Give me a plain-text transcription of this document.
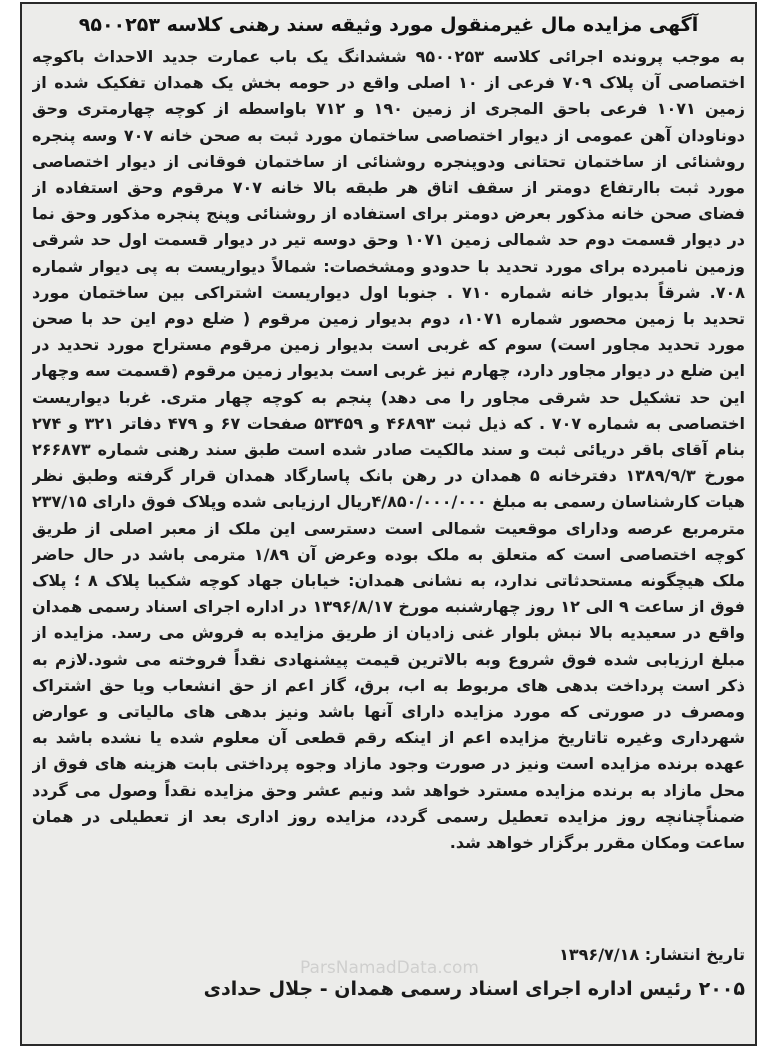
آگهی مزایده مال غیرمنقول مورد وثیقه سند رهنی کلاسه ۹۵۰۰۲۵۳

به موجب پرونده اجرائی کلاسه ۹۵۰۰۲۵۳ ششدانگ یک باب عمارت جدید الاحداث باکوچه اختصاصی آن پلاک ۷۰۹ فرعی از ۱۰ اصلی واقع در حومه بخش یک همدان تفکیک شده از زمین ۱۰۷۱ فرعی باحق المجری از زمین ۱۹۰ و ۷۱۲ باواسطه از کوچه چهارمتری وحق دوناودان آهن عمومی از دیوار اختصاصی ساختمان مورد ثبت به صحن خانه ۷۰۷ وسه پنجره روشنائی از ساختمان تحتانی ودوپنجره روشنائی از ساختمان فوقانی از دیوار اختصاصی مورد ثبت باارتفاع دومتر از سقف اتاق هر طبقه بالا خانه ۷۰۷ مرقوم وحق استفاده از فضای صحن خانه مذکور بعرض دومتر برای استفاده از روشنائی وپنج پنجره مذکور وحق نما در دیوار قسمت دوم حد شمالی زمین ۱۰۷۱ وحق دوسه تیر در دیوار قسمت اول حد شرقی وزمین نامبرده برای مورد تحدید با حدودو ومشخصات: شمالاً دیواریست به پی دیوار شماره ۷۰۸. شرقاً بدیوار خانه شماره ۷۱۰ . جنوبا اول دیواریست اشتراکی بین ساختمان مورد تحدید با زمین محصور شماره ۱۰۷۱، دوم بدیوار زمین مرقوم ( ضلع دوم این حد با صحن مورد تحدید مجاور است) سوم که غربی است بدیوار زمین مرقوم مستراح مورد تحدید در این ضلع در دیوار مجاور دارد، چهارم نیز غربی است بدیوار زمین مرقوم (قسمت سه وچهار این حد تشکیل حد شرقی مجاور را می دهد) پنجم به کوچه چهار متری. غربا دیواریست اختصاصی به شماره ۷۰۷ . که ذیل ثبت ۴۶۸۹۳ و ۵۳۴۵۹ صفحات ۶۷ و ۴۷۹ دفاتر ۳۲۱ و ۲۷۴ بنام آقای باقر دریائی ثبت و سند مالکیت صادر شده است طبق سند رهنی شماره ۲۶۶۸۷۳ مورخ ۱۳۸۹/۹/۳ دفترخانه ۵ همدان در رهن بانک پاسارگاد همدان قرار گرفته وطبق نظر هیات کارشناسان رسمی به مبلغ ۴/۸۵۰/۰۰۰/۰۰۰ریال ارزیابی شده وپلاک فوق دارای ۲۳۷/۱۵ مترمربع عرصه ودارای موقعیت شمالی است دسترسی این ملک از معبر اصلی از طریق کوچه اختصاصی است که متعلق به ملک بوده وعرض آن ۱/۸۹ مترمی باشد در حال حاضر ملک هیچگونه مستحدثاتی ندارد، به نشانی همدان: خیابان جهاد کوچه شکیبا پلاک ۸ ؛ پلاک فوق از ساعت ۹ الی ۱۲ روز چهارشنبه مورخ ۱۳۹۶/۸/۱۷ در اداره اجرای اسناد رسمی همدان واقع در سعیدیه بالا نبش بلوار غنی زادیان از طریق مزایده به فروش می رسد. مزایده از مبلغ ارزیابی شده فوق شروع وبه بالاترین قیمت پیشنهادی نقداً فروخته می شود.لازم به ذکر است پرداخت بدهی های مربوط به اب، برق، گاز اعم از حق انشعاب ویا حق اشتراک ومصرف در صورتی که مورد مزایده دارای آنها باشد ونیز بدهی های مالیاتی و عوارض شهرداری وغیره تاتاریخ مزایده اعم از اینکه رقم قطعی آن معلوم شده یا نشده باشد به عهده برنده مزایده است ونیز در صورت وجود مازاد وجوه پرداختی بابت هزینه های فوق از محل مازاد به برنده مزایده مسترد خواهد شد ونیم عشر وحق مزایده نقداً وصول می گردد ضمناًچنانچه روز مزایده تعطیل رسمی گردد، مزایده روز اداری بعد از تعطیلی در همان ساعت ومکان مقرر برگزار خواهد شد.

تاریخ انتشار: ۱۳۹۶/۷/۱۸
۲۰۰۵ رئیس اداره اجرای اسناد رسمی همدان - جلال حدادی
ParsNamadData.com
